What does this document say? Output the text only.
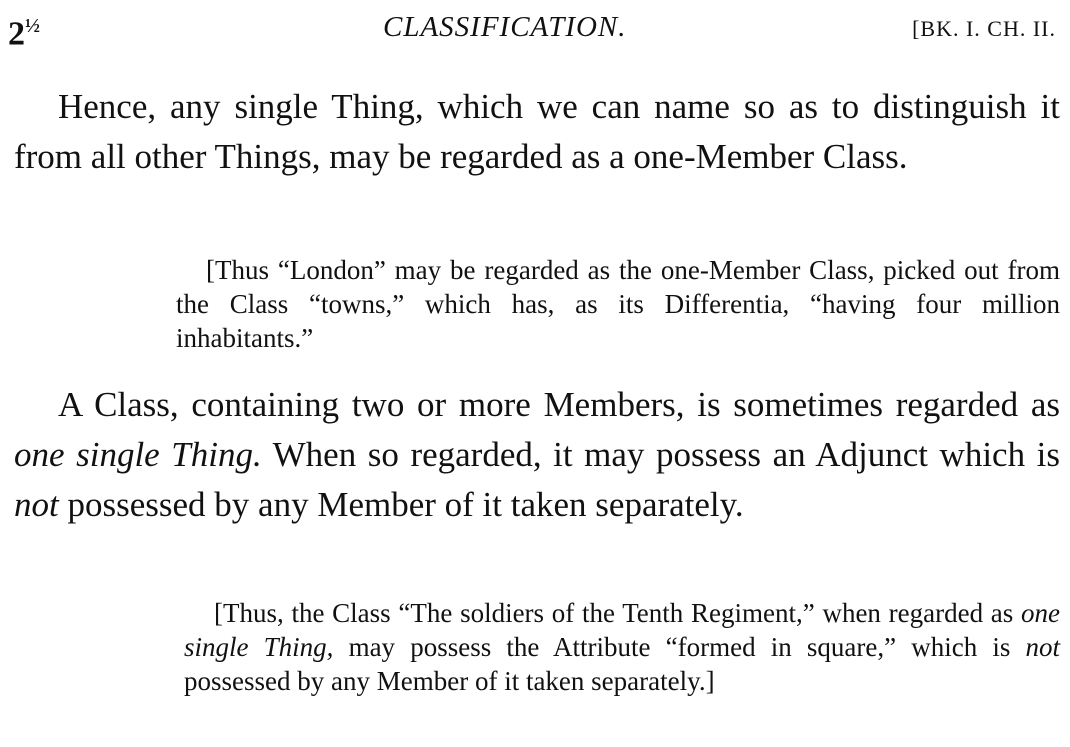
$2^{\frac{1}{2}}$	CLASSIFICATION.	[BK. I. CH. II.
Hence, any single Thing, which we can name so as to distinguish it from all other Things, may be regarded as a one-Member Class.
[Thus “London” may be regarded as the one-Member Class, picked out from the Class “towns,” which has, as its Differentia, “having four million inhabitants.”
A Class, containing two or more Members, is sometimes regarded as one single Thing. When so regarded, it may possess an Adjunct which is not possessed by any Member of it taken separately.
[Thus, the Class “The soldiers of the Tenth Regiment,” when regarded as one single Thing, may possess the Attribute “formed in square,” which is not possessed by any Member of it taken separately.]
